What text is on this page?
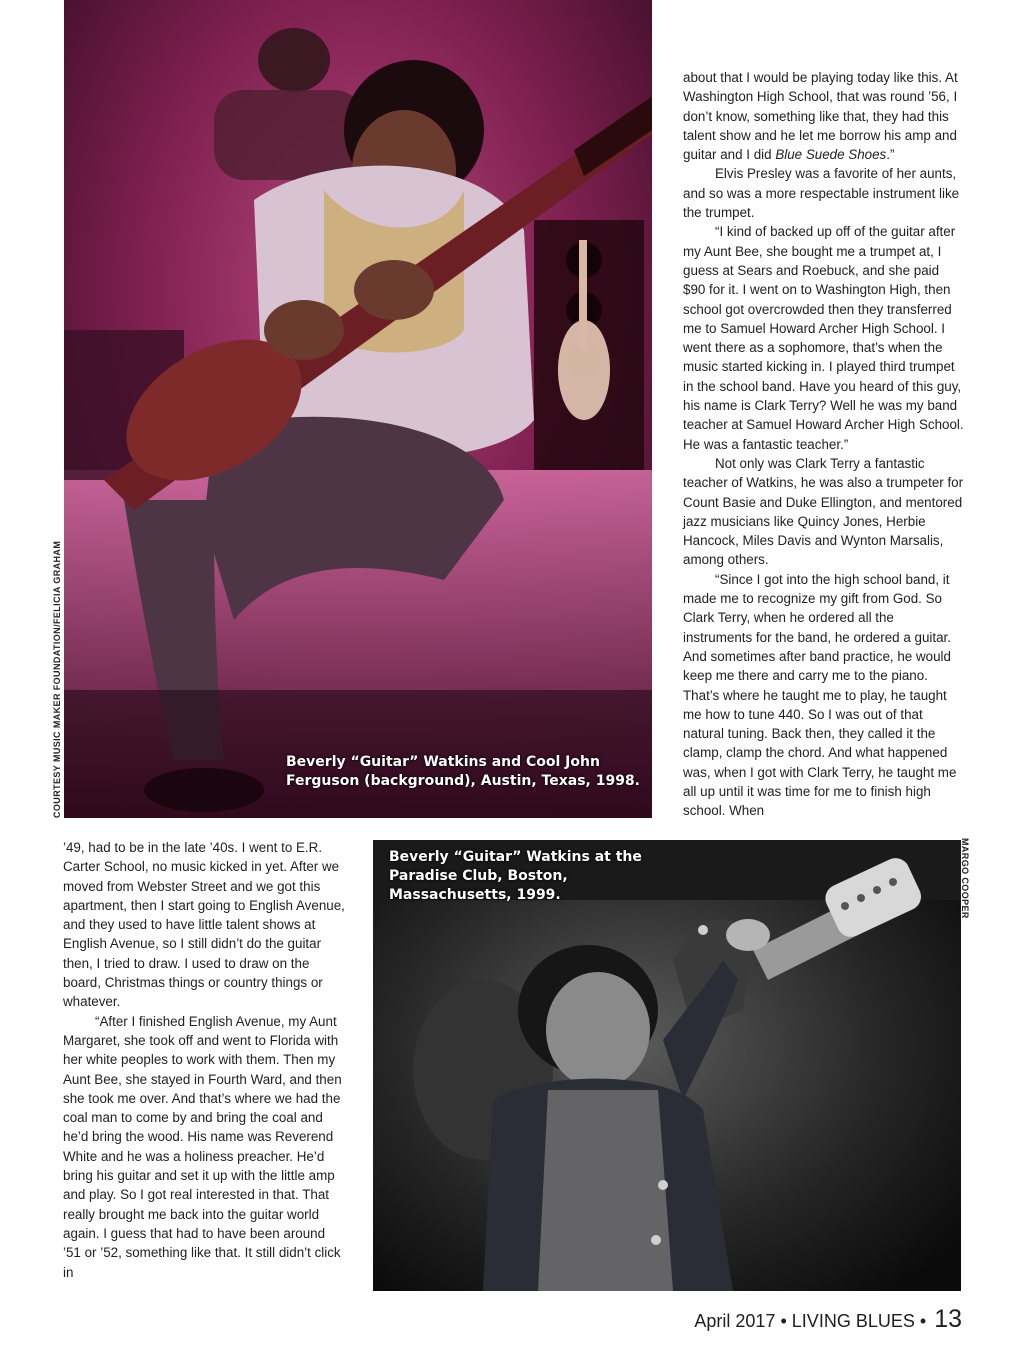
Beverly “Guitar” Watkins and Cool John Ferguson (background), Austin, Texas, 1998.
COURTESY MUSIC MAKER FOUNDATION/FELICIA GRAHAM
Beverly “Guitar” Watkins at the Paradise Club, Boston, Massachusetts, 1999.	MARGO COOPER

about that I would be playing today like this. At Washington High School, that was round ’56, I don’t know, something like that, they had this talent show and he let me borrow his amp and guitar and I did Blue Suede Shoes.”

Elvis Presley was a favorite of her aunts, and so was a more respectable instrument like the trumpet.

“I kind of backed up off of the guitar after my Aunt Bee, she bought me a trumpet at, I guess at Sears and Roebuck, and she paid $90 for it. I went on to Washington High, then school got overcrowded then they transferred me to Samuel Howard Archer High School. I went there as a sophomore, that’s when the music started kicking in. I played third trumpet in the school band. Have you heard of this guy, his name is Clark Terry? Well he was my band teacher at Samuel Howard Archer High School. He was a fantastic teacher.”

Not only was Clark Terry a fantastic teacher of Watkins, he was also a trumpeter for Count Basie and Duke Ellington, and mentored jazz musicians like Quincy Jones, Herbie Hancock, Miles Davis and Wynton Marsalis, among others.

“Since I got into the high school band, it made me to recognize my gift from God. So Clark Terry, when he ordered all the instruments for the band, he ordered a guitar. And sometimes after band practice, he would keep me there and carry me to the piano. That’s where he taught me to play, he taught me how to tune 440. So I was out of that natural tuning. Back then, they called it the clamp, clamp the chord. And what happened was, when I got with Clark Terry, he taught me all up until it was time for me to finish high school. When

’49, had to be in the late ’40s. I went to E.R. Carter School, no music kicked in yet. After we moved from Webster Street and we got this apartment, then I start going to English Avenue, and they used to have little talent shows at English Avenue, so I still didn’t do the guitar then, I tried to draw. I used to draw on the board, Christmas things or country things or whatever.

“After I finished English Avenue, my Aunt Margaret, she took off and went to Florida with her white peoples to work with them. Then my Aunt Bee, she stayed in Fourth Ward, and then she took me over. And that’s where we had the coal man to come by and bring the coal and he’d bring the wood. His name was Reverend White and he was a holiness preacher. He’d bring his guitar and set it up with the little amp and play. So I got real interested in that. That really brought me back into the guitar world again. I guess that had to have been around ’51 or ’52, something like that. It still didn’t click in

April 2017 • LIVING BLUES • 13
